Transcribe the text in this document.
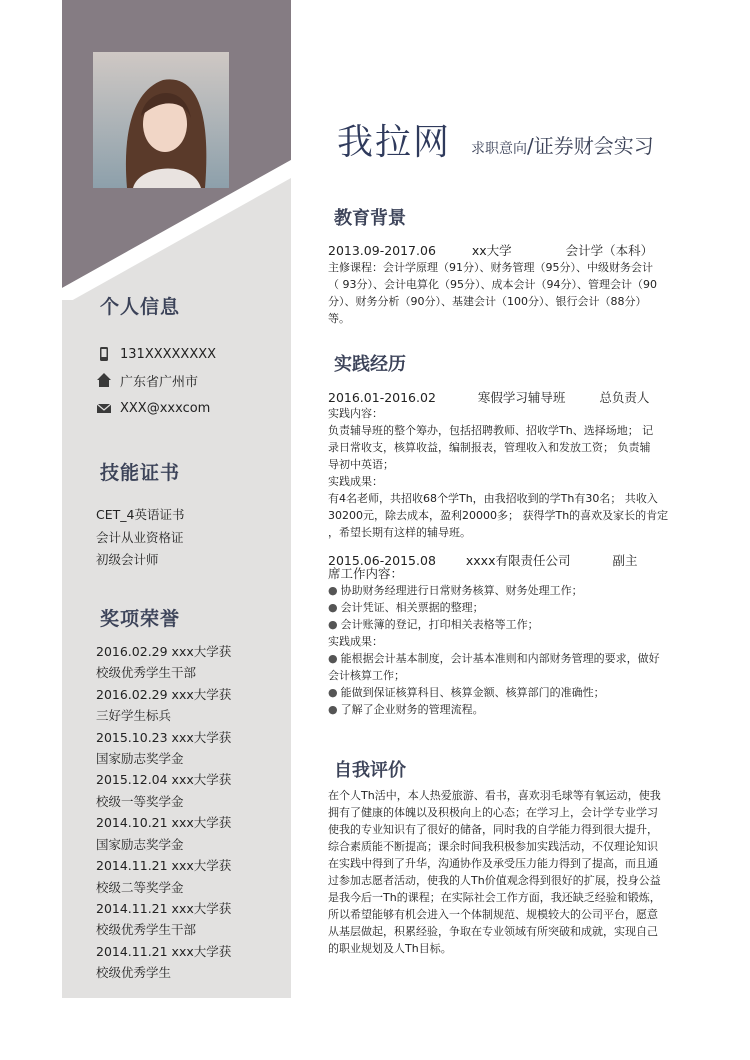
个人信息
131XXXXXXXX
广东省广州市
XXX@xxxcom
技能证书
CET_4英语证书
会计从业资格证
初级会计师
奖项荣誉
2016.02.29 xxx大学获
校级优秀学生干部
2016.02.29 xxx大学获
三好学生标兵
2015.10.23 xxx大学获
国家励志奖学金
2015.12.04 xxx大学获
校级一等奖学金
2014.10.21 xxx大学获
国家励志奖学金
2014.11.21 xxx大学获
校级二等奖学金
2014.11.21 xxx大学获
校级优秀学生干部
2014.11.21 xxx大学获
校级优秀学生
我拉网 求职意向/证券财会实习
教育背景
2013.09-2017.06	xx大学	会计学（本科）
主修课程：会计学原理（91分）、财务管理（95分）、中级财务会计
（ 93分）、会计电算化（95分）、成本会计（94分）、管理会计（90
分）、财务分析（90分）、基建会计（100分）、银行会计（88分）
等。
实践经历
2016.01-2016.02	寒假学习辅导班	总负责人
实践内容：
负责辅导班的整个筹办，包括招聘教师、招收学Th、选择场地； 记
录日常收支，核算收益，编制报表，管理收入和发放工资； 负责辅
导初中英语；
实践成果：
有4名老师，共招收68个学Th，由我招收到的学Th有30名； 共收入
30200元，除去成本，盈利20000多； 获得学Th的喜欢及家长的肯定
，希望长期有这样的辅导班。
2015.06-2015.08 xxxx有限责任公司	副主
席工作内容：
● 协助财务经理进行日常财务核算、财务处理工作；
● 会计凭证、相关票据的整理；
● 会计账簿的登记，打印相关表格等工作；
实践成果：
● 能根据会计基本制度，会计基本准则和内部财务管理的要求，做好
会计核算工作；
● 能做到保证核算科目、核算金额、核算部门的准确性；
● 了解了企业财务的管理流程。
自我评价
在个人Th活中，本人热爱旅游、看书，喜欢羽毛球等有氧运动，使我
拥有了健康的体魄以及积极向上的心态；在学习上，会计学专业学习
使我的专业知识有了很好的储备，同时我的自学能力得到很大提升，
综合素质能不断提高；课余时间我积极参加实践活动，不仅理论知识
在实践中得到了升华，沟通协作及承受压力能力得到了提高，而且通
过参加志愿者活动，使我的人Th价值观念得到很好的扩展，投身公益
是我今后一Th的课程；在实际社会工作方面，我还缺乏经验和锻炼，
所以希望能够有机会进入一个体制规范、规模较大的公司平台，愿意
从基层做起，积累经验，争取在专业领域有所突破和成就，实现自己
的职业规划及人Th目标。
